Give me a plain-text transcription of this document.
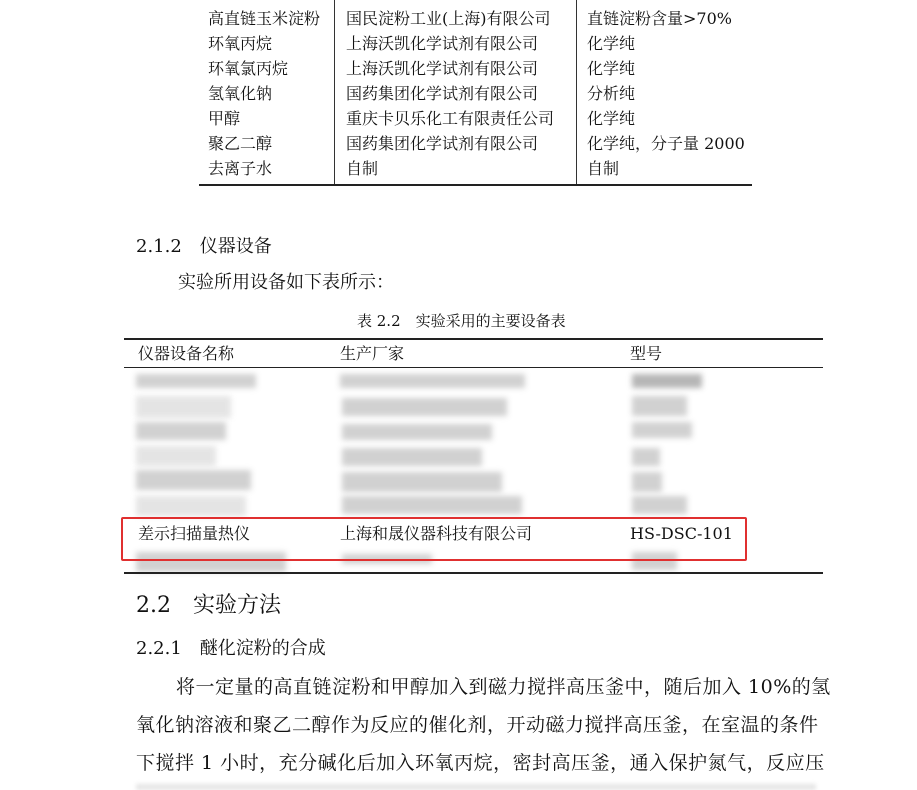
高直链玉米淀粉 国民淀粉工业(上海)有限公司 直链淀粉含量>70%
环氧丙烷	上海沃凯化学试剂有限公司	化学纯
环氧氯丙烷	上海沃凯化学试剂有限公司	化学纯
氢氧化钠	国药集团化学试剂有限公司	分析纯
甲醇	重庆卡贝乐化工有限责任公司 化学纯
聚乙二醇	国药集团化学试剂有限公司	化学纯，分子量 2000
去离子水	自制	自制
2.1.2　仪器设备
实验所用设备如下表所示：
表 2.2　实验采用的主要设备表
仪器设备名称	生产厂家	型号
差示扫描量热仪	上海和晟仪器科技有限公司	HS-DSC-101
2.2　实验方法
2.2.1　醚化淀粉的合成
将一定量的高直链淀粉和甲醇加入到磁力搅拌高压釜中，随后加入 10%的氢
氧化钠溶液和聚乙二醇作为反应的催化剂，开动磁力搅拌高压釜，在室温的条件
下搅拌 1 小时，充分碱化后加入环氧丙烷，密封高压釜，通入保护氮气，反应压
